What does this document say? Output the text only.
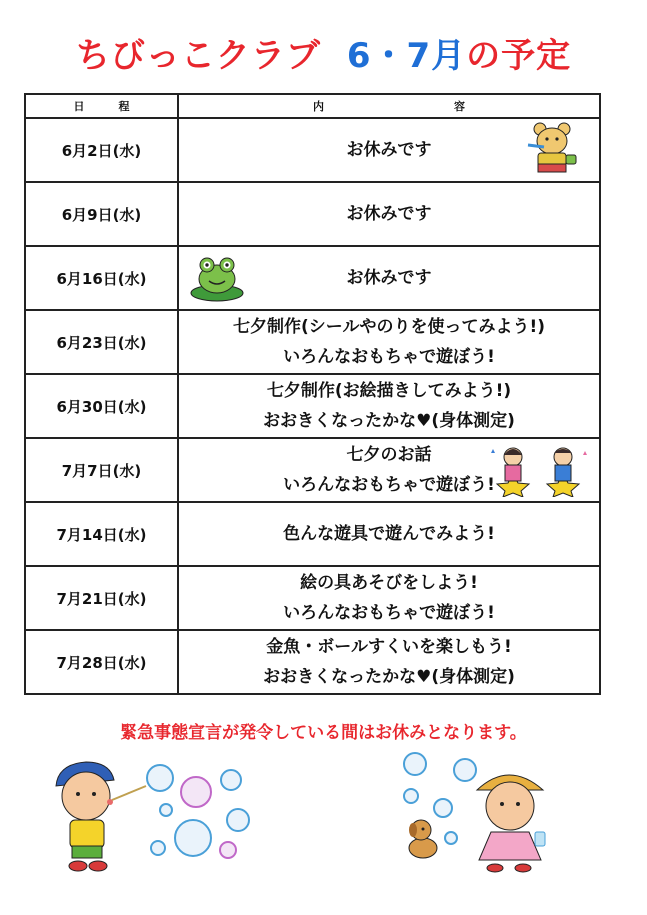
ちびっこクラブ 6・7月の予定
日程	内容
6月2日(水)	お休みです

6月9日(水)	お休みです

6月16日(水)	お休みです

6月23日(水)	七夕制作(シールやのりを使ってみよう!)
いろんなおもちゃで遊ぼう!

6月30日(水)	七夕制作(お絵描きしてみよう!)
おおきくなったかな♥(身体測定)

7月7日(水)	七夕のお話
いろんなおもちゃで遊ぼう!

7月14日(水)	色んな遊具で遊んでみよう!

7月21日(水)	絵の具あそびをしよう!
いろんなおもちゃで遊ぼう!

7月28日(水)	金魚・ボールすくいを楽しもう!
おおきくなったかな♥(身体測定)
緊急事態宣言が発令している間はお休みとなります。
